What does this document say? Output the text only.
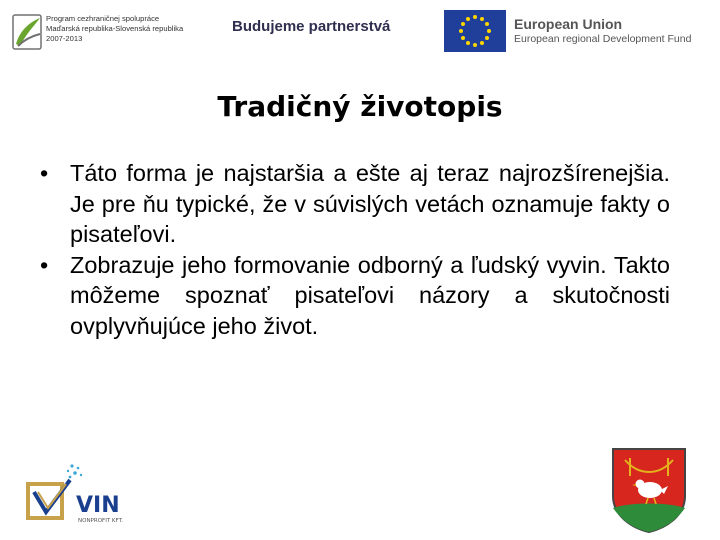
Program cezhraničnej spolupráce
Maďarská republika-Slovenská republika
2007-2013
Budujeme partnerstvá	European Union
European regional Development Fund
Tradičný životopis
• Táto forma je najstaršia a ešte aj teraz najrozšírenejšia. Je pre ňu typické, že v súvislých vetách oznamuje fakty o pisateľovi.
• Zobrazuje jeho formovanie odborný a ľudský vyvin. Takto môžeme spoznať pisateľovi názory a skutočnosti ovplyvňujúce jeho život.
VIN
NONPROFIT KFT.
